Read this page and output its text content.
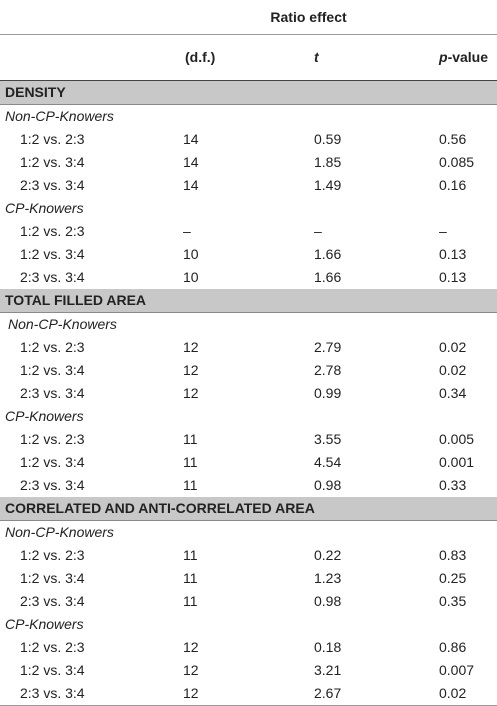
Ratio effect			
	(d.f.)	t	p-value
DENSITY			
Non-CP-Knowers			
1:2 vs. 2:3	14	0.59	0.56
1:2 vs. 3:4	14	1.85	0.085
2:3 vs. 3:4	14	1.49	0.16
CP-Knowers			
1:2 vs. 2:3	–	–	–
1:2 vs. 3:4	10	1.66	0.13
2:3 vs. 3:4	10	1.66	0.13
TOTAL FILLED AREA			
Non-CP-Knowers			
1:2 vs. 2:3	12	2.79	0.02
1:2 vs. 3:4	12	2.78	0.02
2:3 vs. 3:4	12	0.99	0.34
CP-Knowers			
1:2 vs. 2:3	11	3.55	0.005
1:2 vs. 3:4	11	4.54	0.001
2:3 vs. 3:4	11	0.98	0.33
CORRELATED AND ANTI-CORRELATED AREA			
Non-CP-Knowers			
1:2 vs. 2:3	11	0.22	0.83
1:2 vs. 3:4	11	1.23	0.25
2:3 vs. 3:4	11	0.98	0.35
CP-Knowers			
1:2 vs. 2:3	12	0.18	0.86
1:2 vs. 3:4	12	3.21	0.007
2:3 vs. 3:4	12	2.67	0.02
